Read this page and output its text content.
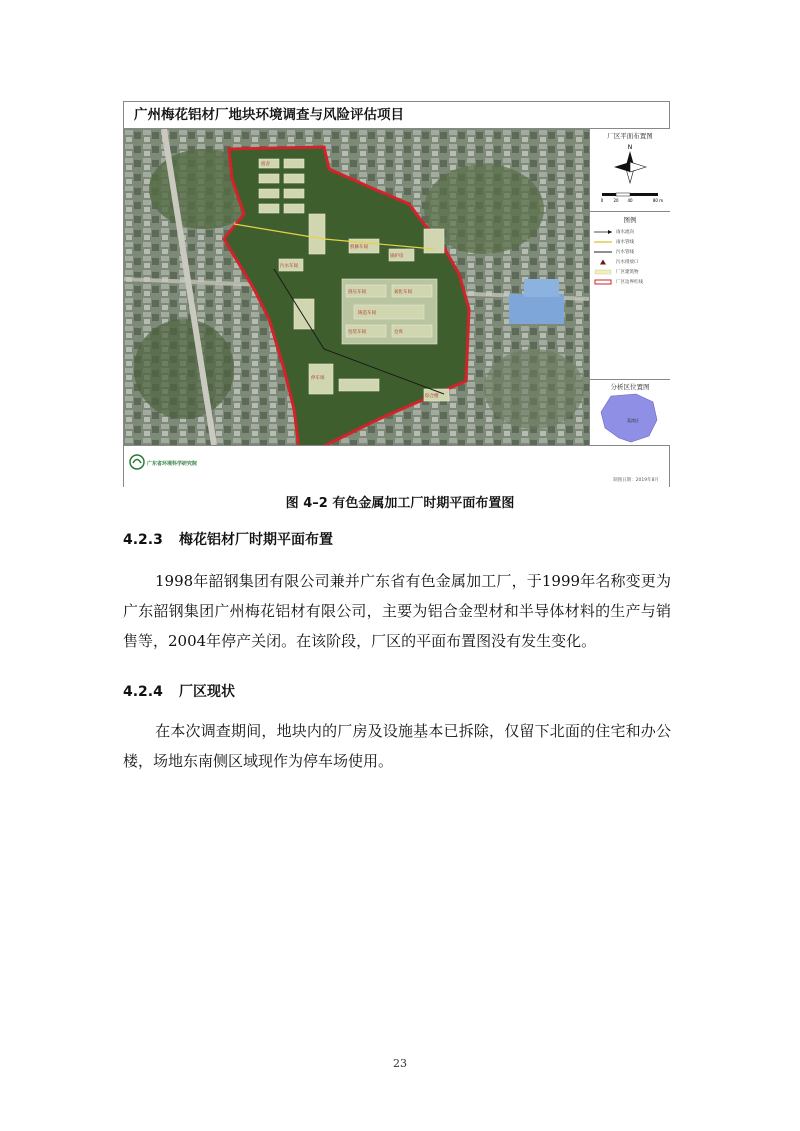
广州梅花铝材厂地块环境调查与风险评估项目
宿舍
机修车间
锅炉房
污水车间
挤压车间	氧化车间
铸造车间
包装车间	仓库
停车场
综合楼
厂区平面布置图
N
0	20 40	80 m
图例
雨水流向
雨水管线
污水管线
污水排放口
厂区建筑物
厂区边界红线
分析区位置图
荔湾区
广东省环境科学研究院
制图日期：2019年8月
图 4–2 有色金属加工厂时期平面布置图
4.2.3 梅花铝材厂时期平面布置

1998年韶钢集团有限公司兼并广东省有色金属加工厂，于1999年名称变更为广东韶钢集团广州梅花铝材有限公司，主要为铝合金型材和半导体材料的生产与销售等，2004年停产关闭。在该阶段，厂区的平面布置图没有发生变化。

4.2.4 厂区现状

在本次调查期间，地块内的厂房及设施基本已拆除，仅留下北面的住宅和办公楼，场地东南侧区域现作为停车场使用。

23
